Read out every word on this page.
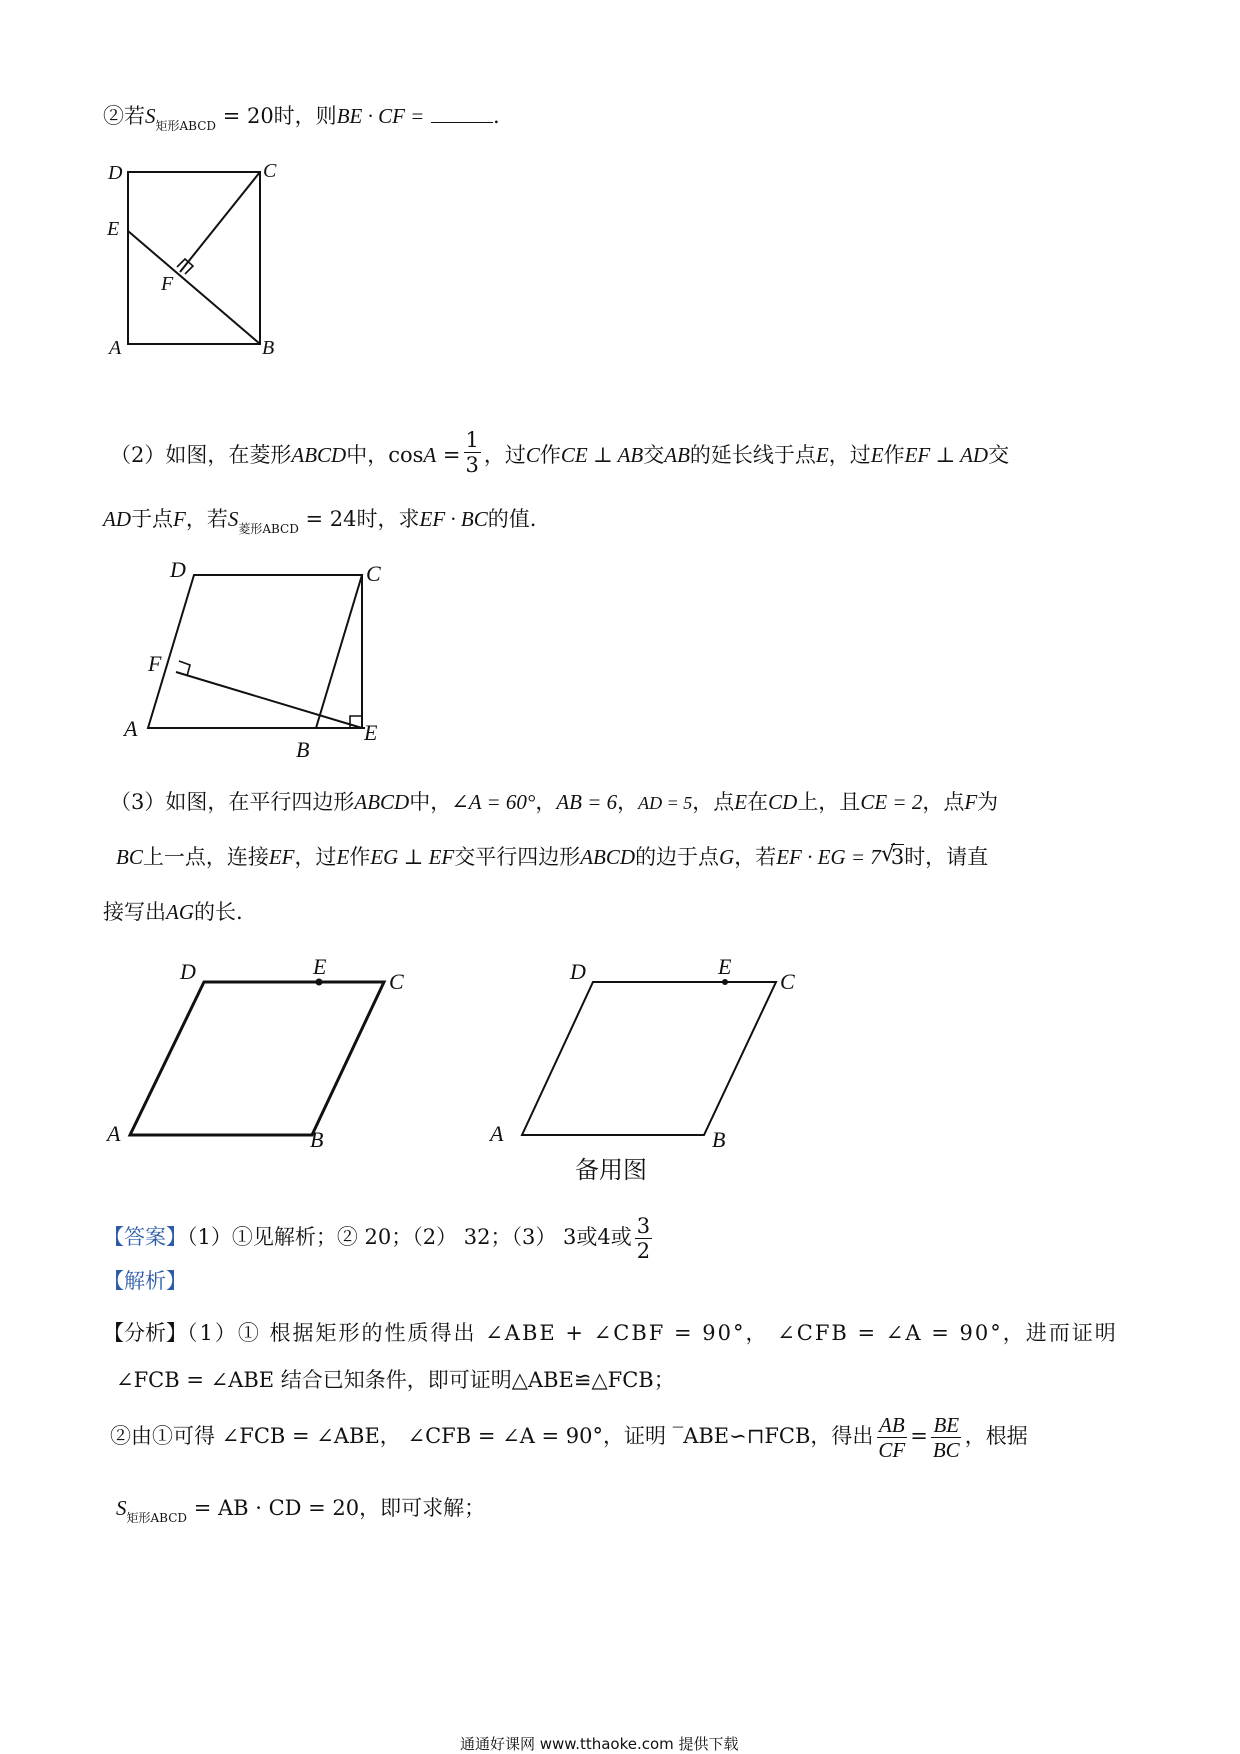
②若$S_{矩形ABCD} = 20$时，则BE · CF =	.
D	C
E
F
A	B
（2）如图，在菱形ABCD中，$\cos A = \frac{1}{3}$ ，过C作CE ⊥ AB交AB的延长线于点E，过E作EF ⊥ AD交
AD于点F，若$S_{菱形ABCD} = 24$时，求EF · BC的值.
D	C
F
A
B
E
（3）如图，在平行四边形ABCD中，∠A = 60°，AB = 6，AD = 5，点E在CD上，且CE = 2，点F为
BC上一点，连接EF，过E作EG ⊥ EF交平行四边形ABCD的边于点G，若EF · EG = 7 √
3时，请直
接写出AG的长.
D	E
C
A	B
D	E
C
A	B
备用图
【答案】（1）①见解析；② 20；（2） 32；（3） 3或4或 $\frac{3}{2}$
【解析】
【分析】（1）① 根据矩形的性质得出 ∠ABE + ∠CBF = 90°， ∠CFB = ∠A = 90°，进而证明
∠FCB = ∠ABE 结合已知条件，即可证明△ABE≌△FCB；
②由①可得 ∠FCB = ∠ABE， ∠CFB = ∠A = 90°，证明 ‾ABE∽⊓FCB，得出 $\frac{AB}{CF} = \frac{BE}{BC}$ ，根据
$S_{矩形ABCD}$ = AB · CD = 20，即可求解；
通通好课网 www.tthaoke.com 提供下载
